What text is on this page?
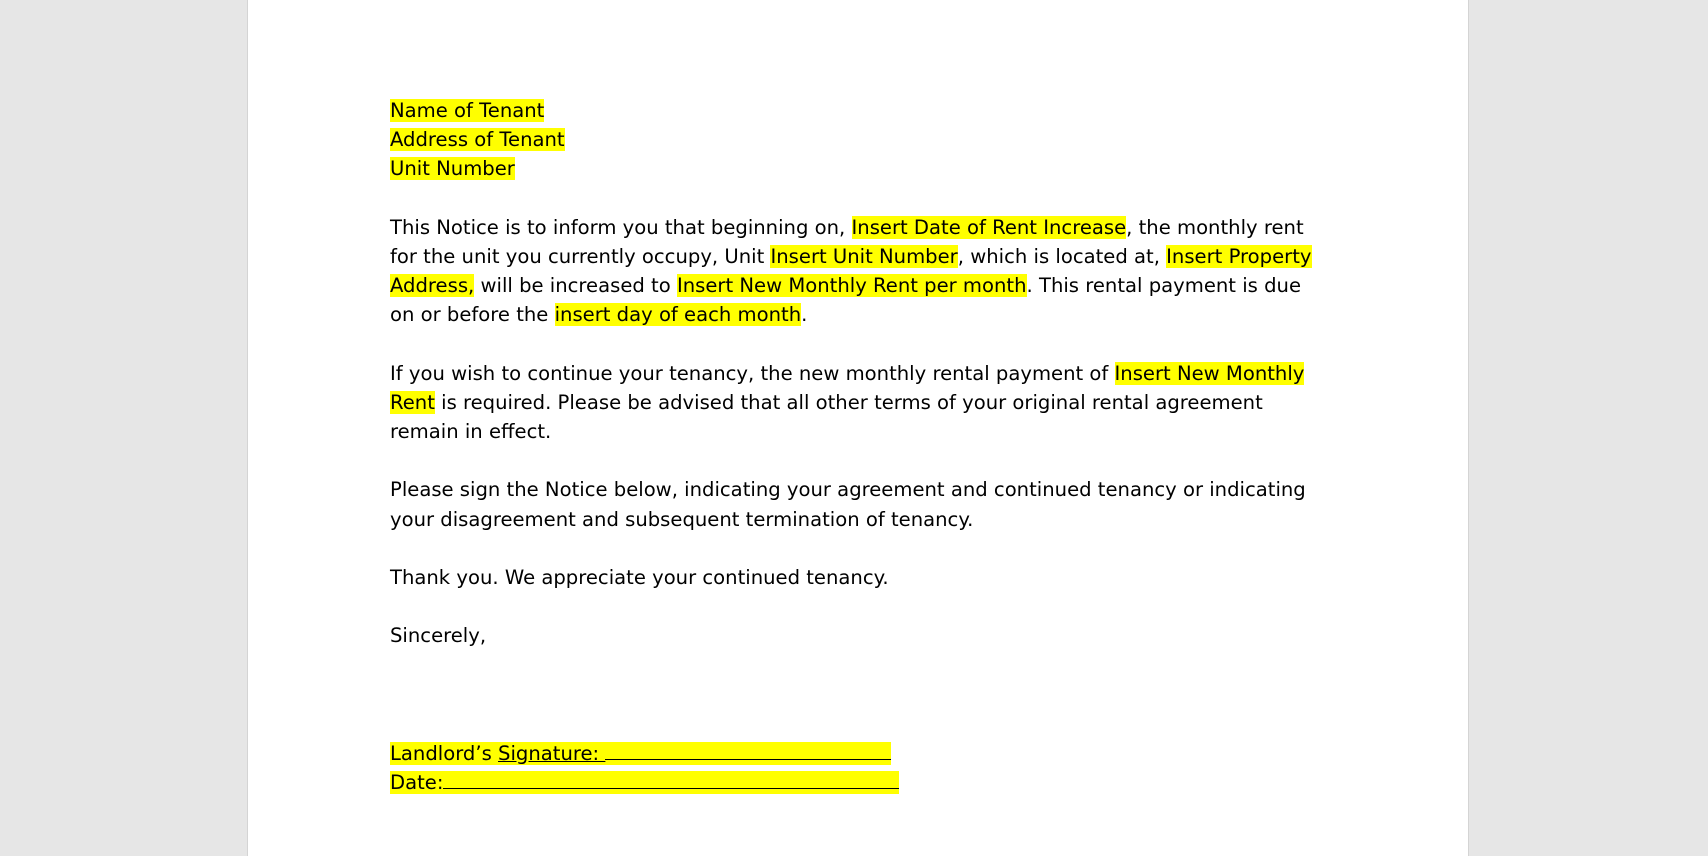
Name of Tenant
Address of Tenant
Unit Number
This Notice is to inform you that beginning on, Insert Date of Rent Increase, the monthly rent
for the unit you currently occupy, Unit Insert Unit Number, which is located at, Insert Property
Address, will be increased to Insert New Monthly Rent per month. This rental payment is due
on or before the insert day of each month.
If you wish to continue your tenancy, the new monthly rental payment of Insert New Monthly
Rent is required. Please be advised that all other terms of your original rental agreement
remain in effect.
Please sign the Notice below, indicating your agreement and continued tenancy or indicating
your disagreement and subsequent termination of tenancy.
Thank you. We appreciate your continued tenancy.
Sincerely,
Landlord’s Signature:
Date:
